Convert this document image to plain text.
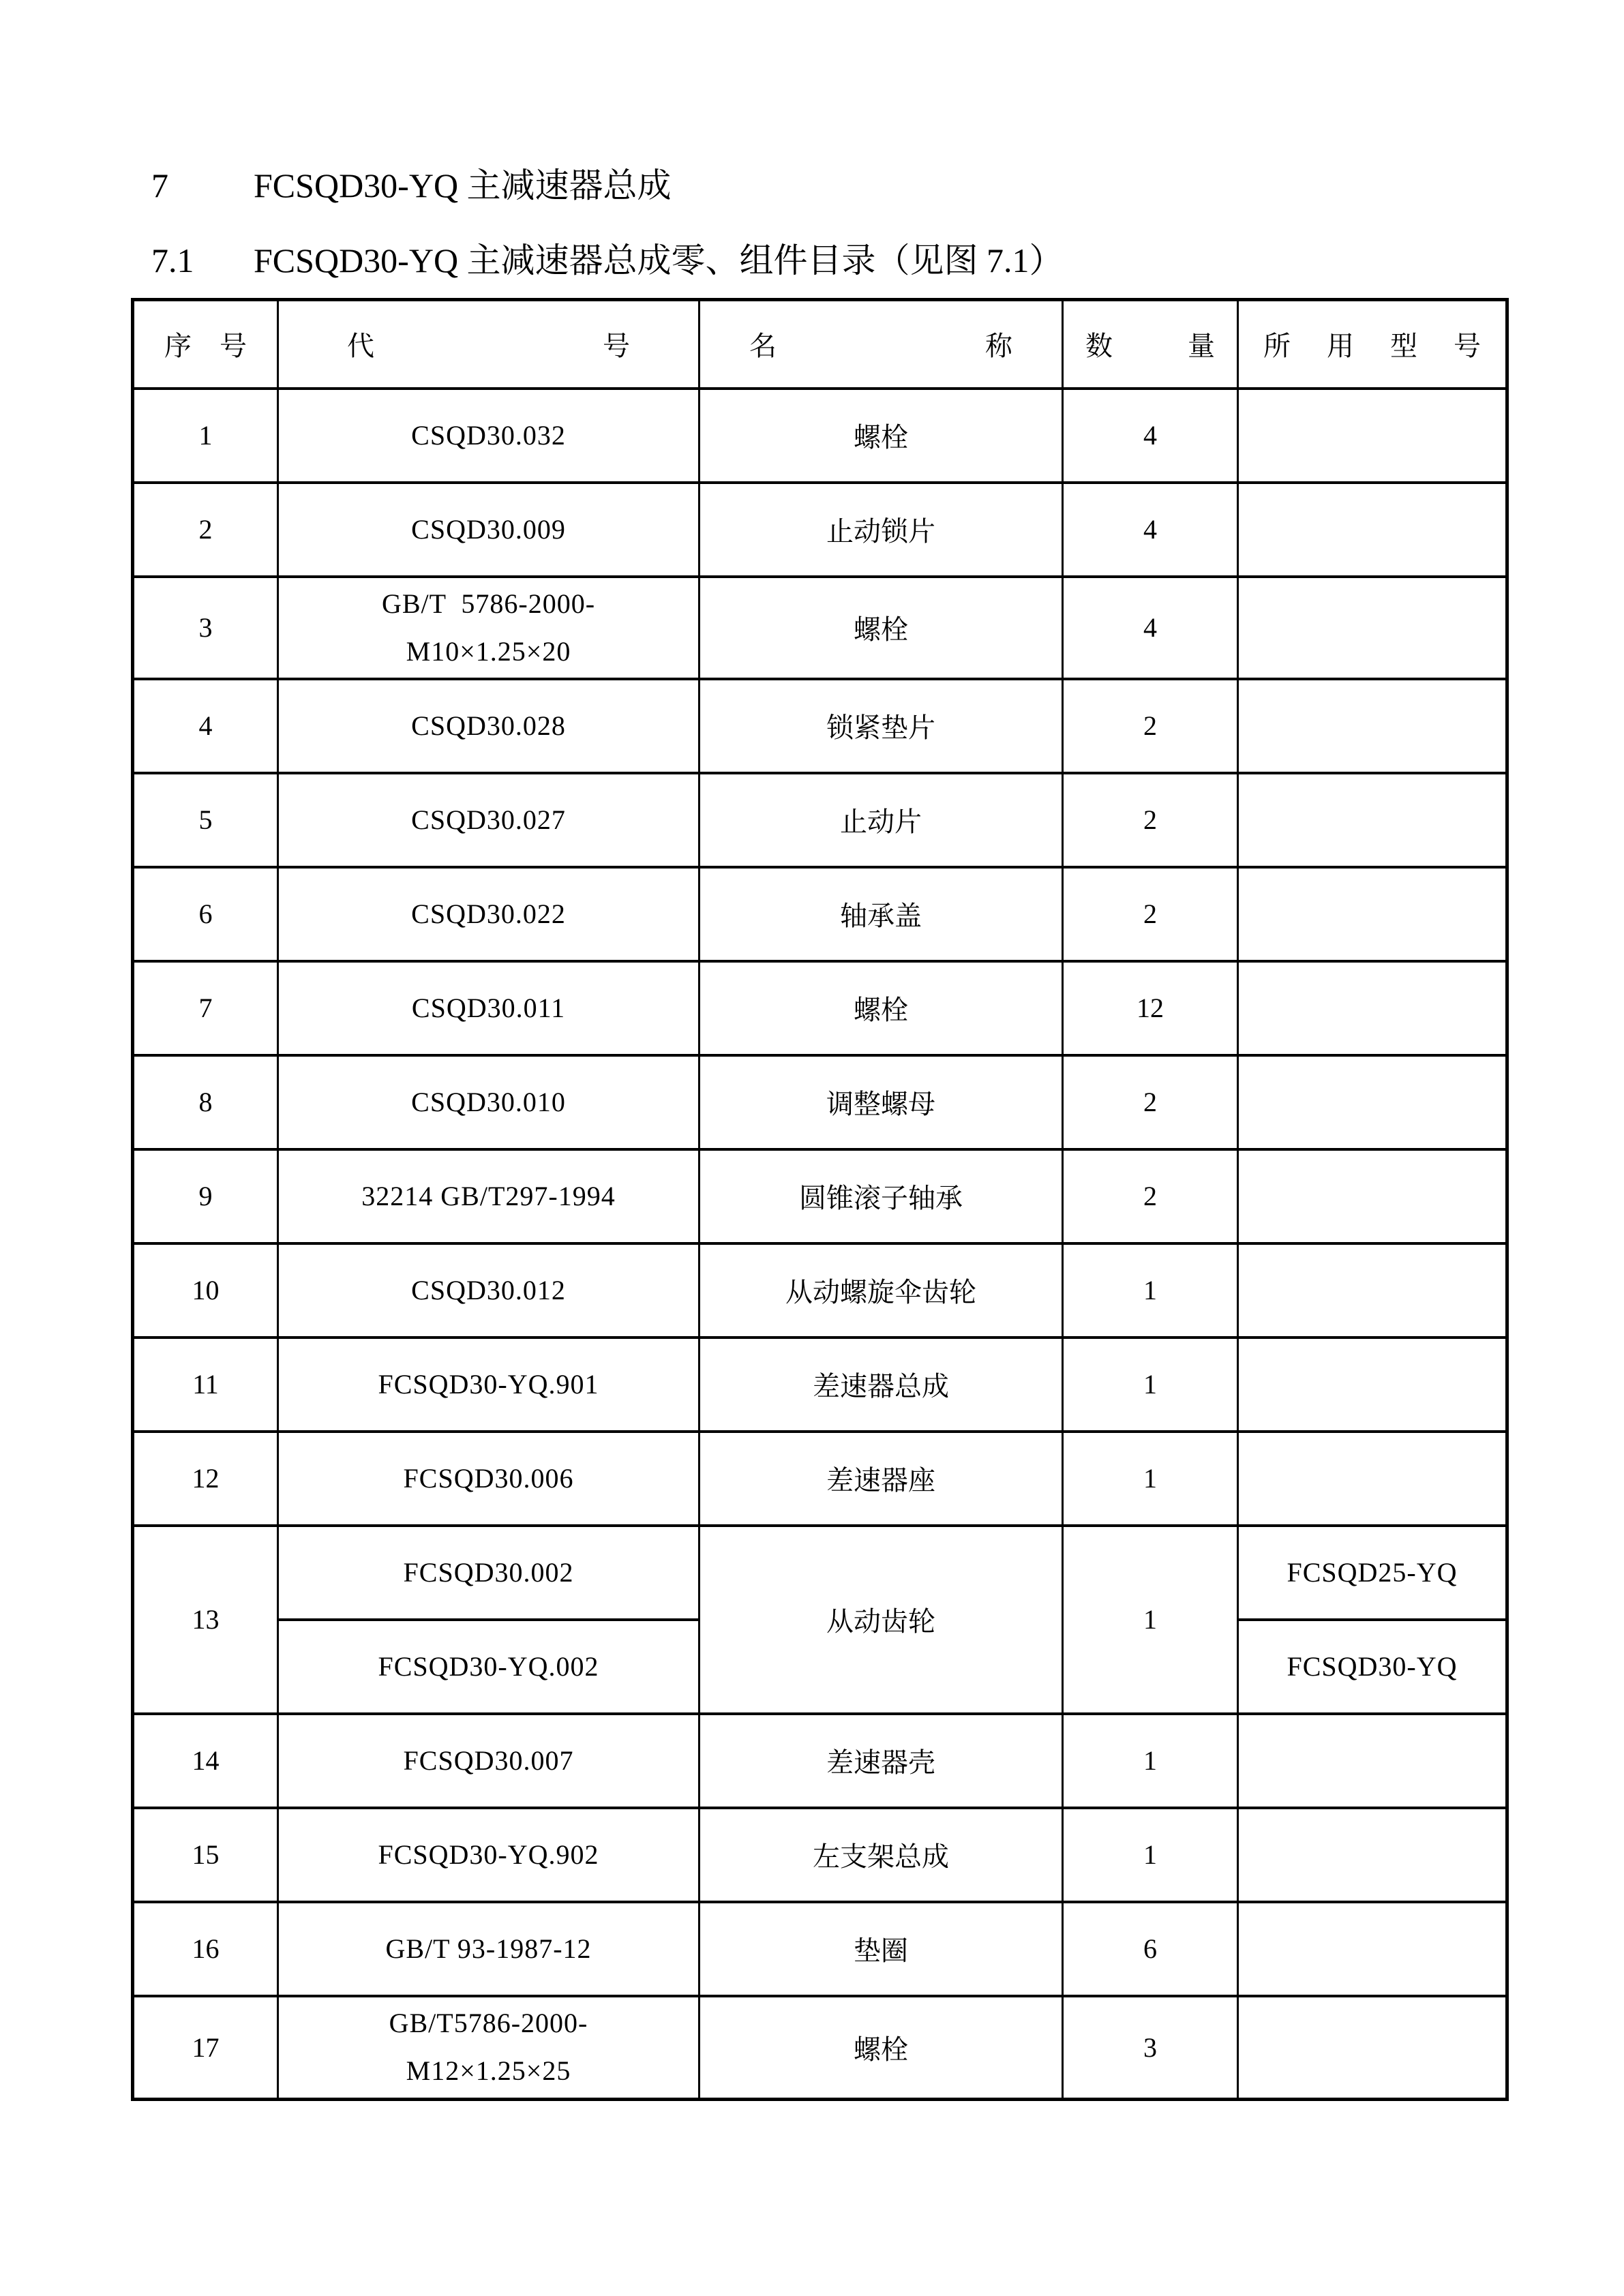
7	FCSQD30-YQ 主减速器总成
7.1	FCSQD30-YQ 主减速器总成零、组件目录（见图 7.1）
序 号	代 号	名 称	数 量	所 用 型 号
1	CSQD30.032	螺栓	4	
2	CSQD30.009	止动锁片	4	
3	GB/T  5786-2000-
M10×1.25×20	螺栓	4	
4	CSQD30.028	锁紧垫片	2	
5	CSQD30.027	止动片	2	
6	CSQD30.022	轴承盖	2	
7	CSQD30.011	螺栓	12	
8	CSQD30.010	调整螺母	2	
9	32214 GB/T297-1994	圆锥滚子轴承	2	
10	CSQD30.012	从动螺旋伞齿轮	1	
11	FCSQD30-YQ.901	差速器总成	1	
12	FCSQD30.006	差速器座	1	
13	FCSQD30.002	从动齿轮	1	FCSQD25-YQ
	FCSQD30-YQ.002			FCSQD30-YQ
14	FCSQD30.007	差速器壳	1	
15	FCSQD30-YQ.902	左支架总成	1	
16	GB/T 93-1987-12	垫圈	6	
17	GB/T5786-2000-
M12×1.25×25	螺栓	3	
